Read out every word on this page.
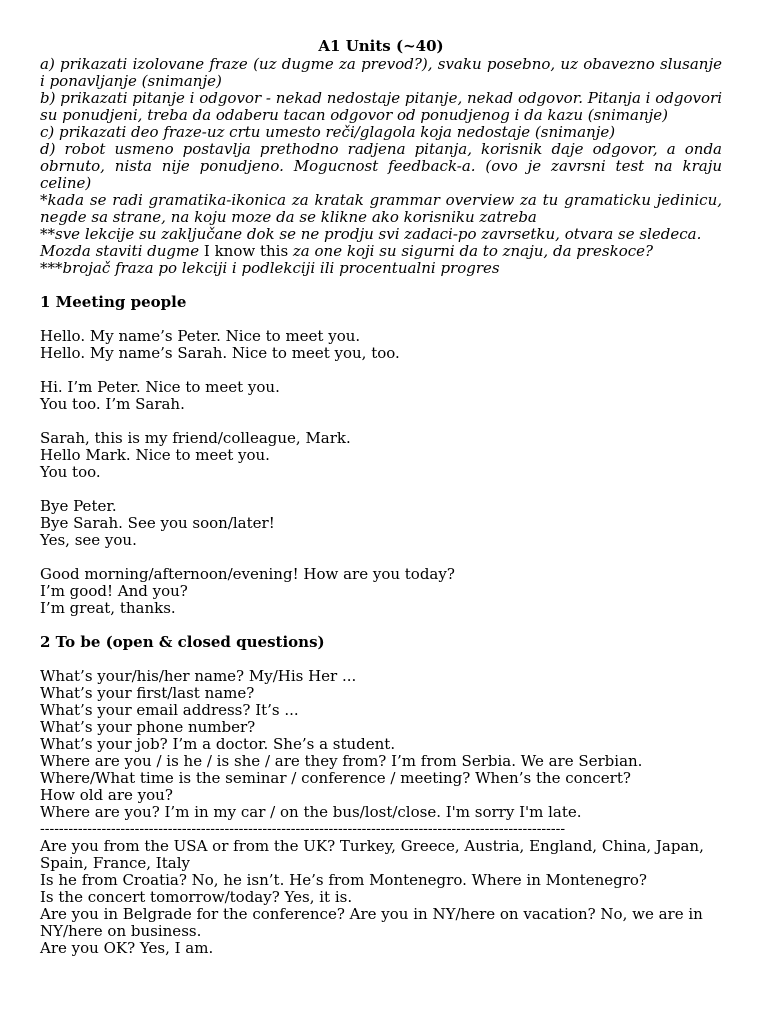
A1 Units (~40)

a) prikazati izolovane fraze (uz dugme za prevod?), svaku posebno, uz obavezno slusanje i ponavljanje (snimanje)

b) prikazati pitanje i odgovor - nekad nedostaje pitanje, nekad odgovor. Pitanja i odgovori su ponudjeni, treba da odaberu tacan odgovor od ponudjenog i da kazu (snimanje)

c) prikazati deo fraze-uz crtu umesto reči/glagola koja nedostaje (snimanje)

d) robot usmeno postavlja prethodno radjena pitanja, korisnik daje odgovor, a onda obrnuto, nista nije ponudjeno. Mogucnost feedback-a. (ovo je zavrsni test na kraju celine)

*kada se radi gramatika-ikonica za kratak grammar overview za tu gramaticku jedinicu, negde sa strane, na koju moze da se klikne ako korisniku zatreba

**sve lekcije su zaključane dok se ne prodju svi zadaci-po zavrsetku, otvara se sledeca.

Mozda staviti dugme I know this za one koji su sigurni da to znaju, da preskoce?

***brojač fraza po lekciji i podlekciji ili procentualni progres

1 Meeting people

Hello. My name’s Peter. Nice to meet you.

Hello. My name’s Sarah. Nice to meet you, too.

Hi. I’m Peter. Nice to meet you.

You too. I’m Sarah.

Sarah, this is my friend/colleague, Mark.

Hello Mark. Nice to meet you.

You too.

Bye Peter.

Bye Sarah. See you soon/later!

Yes, see you.

Good morning/afternoon/evening! How are you today?

I’m good! And you?

I’m great, thanks.

2 To be (open & closed questions)

What’s your/his/her name? My/His Her ...

What’s your first/last name?

What’s your email address? It’s ...

What’s your phone number?

What’s your job? I’m a doctor. She’s a student.

Where are you / is he / is she / are they from? I’m from Serbia. We are Serbian.

Where/What time is the seminar / conference / meeting? When’s the concert?

How old are you?

Where are you? I’m in my car / on the bus/lost/close. I'm sorry I'm late.

---------------------------------------------------------------------------------------------------------------

Are you from the USA or from the UK? Turkey, Greece, Austria, England, China, Japan, Spain, France, Italy

Is he from Croatia? No, he isn’t. He’s from Montenegro. Where in Montenegro?

Is the concert tomorrow/today? Yes, it is.

Are you in Belgrade for the conference? Are you in NY/here on vacation? No, we are in NY/here on business.

Are you OK? Yes, I am.
